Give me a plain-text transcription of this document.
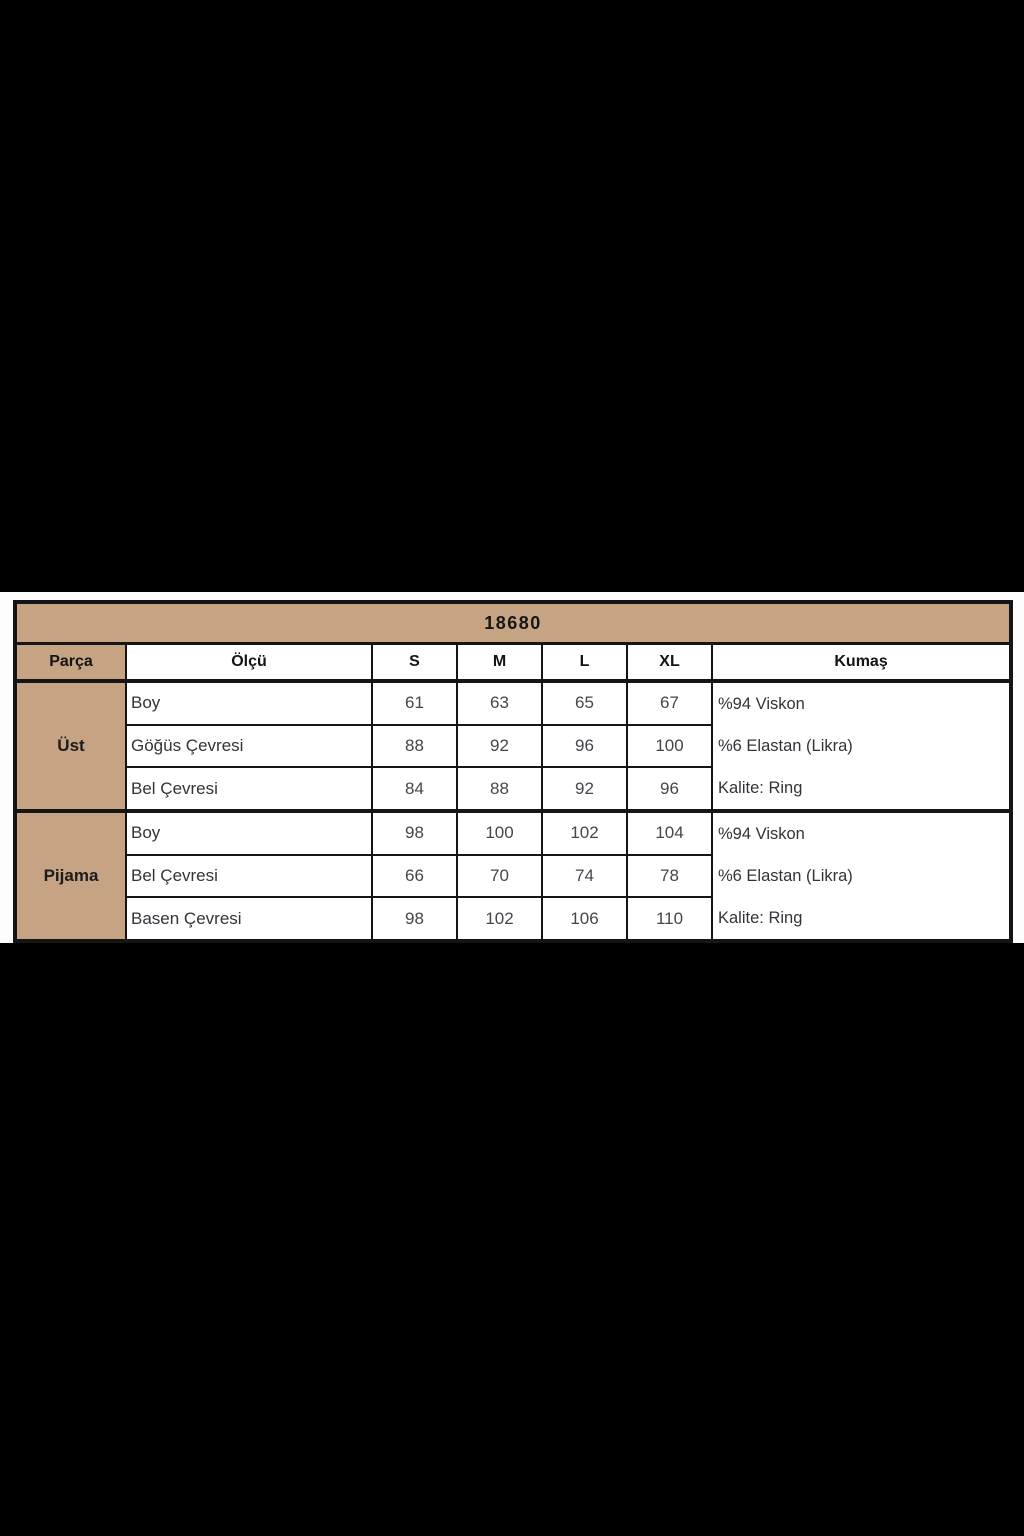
18680						
Parça	Ölçü	S	M	L	XL	Kumaş
Üst	Boy	61	63	65	67	%94 Viskon
%6 Elastan (Likra)
Kalite: Ring

	Göğüs Çevresi	88	92	96	100	
	Bel Çevresi	84	88	92	96	
Pijama	Boy	98	100	102	104	%94 Viskon
%6 Elastan (Likra)
Kalite: Ring

	Bel Çevresi	66	70	74	78	
	Basen Çevresi	98	102	106	110	
